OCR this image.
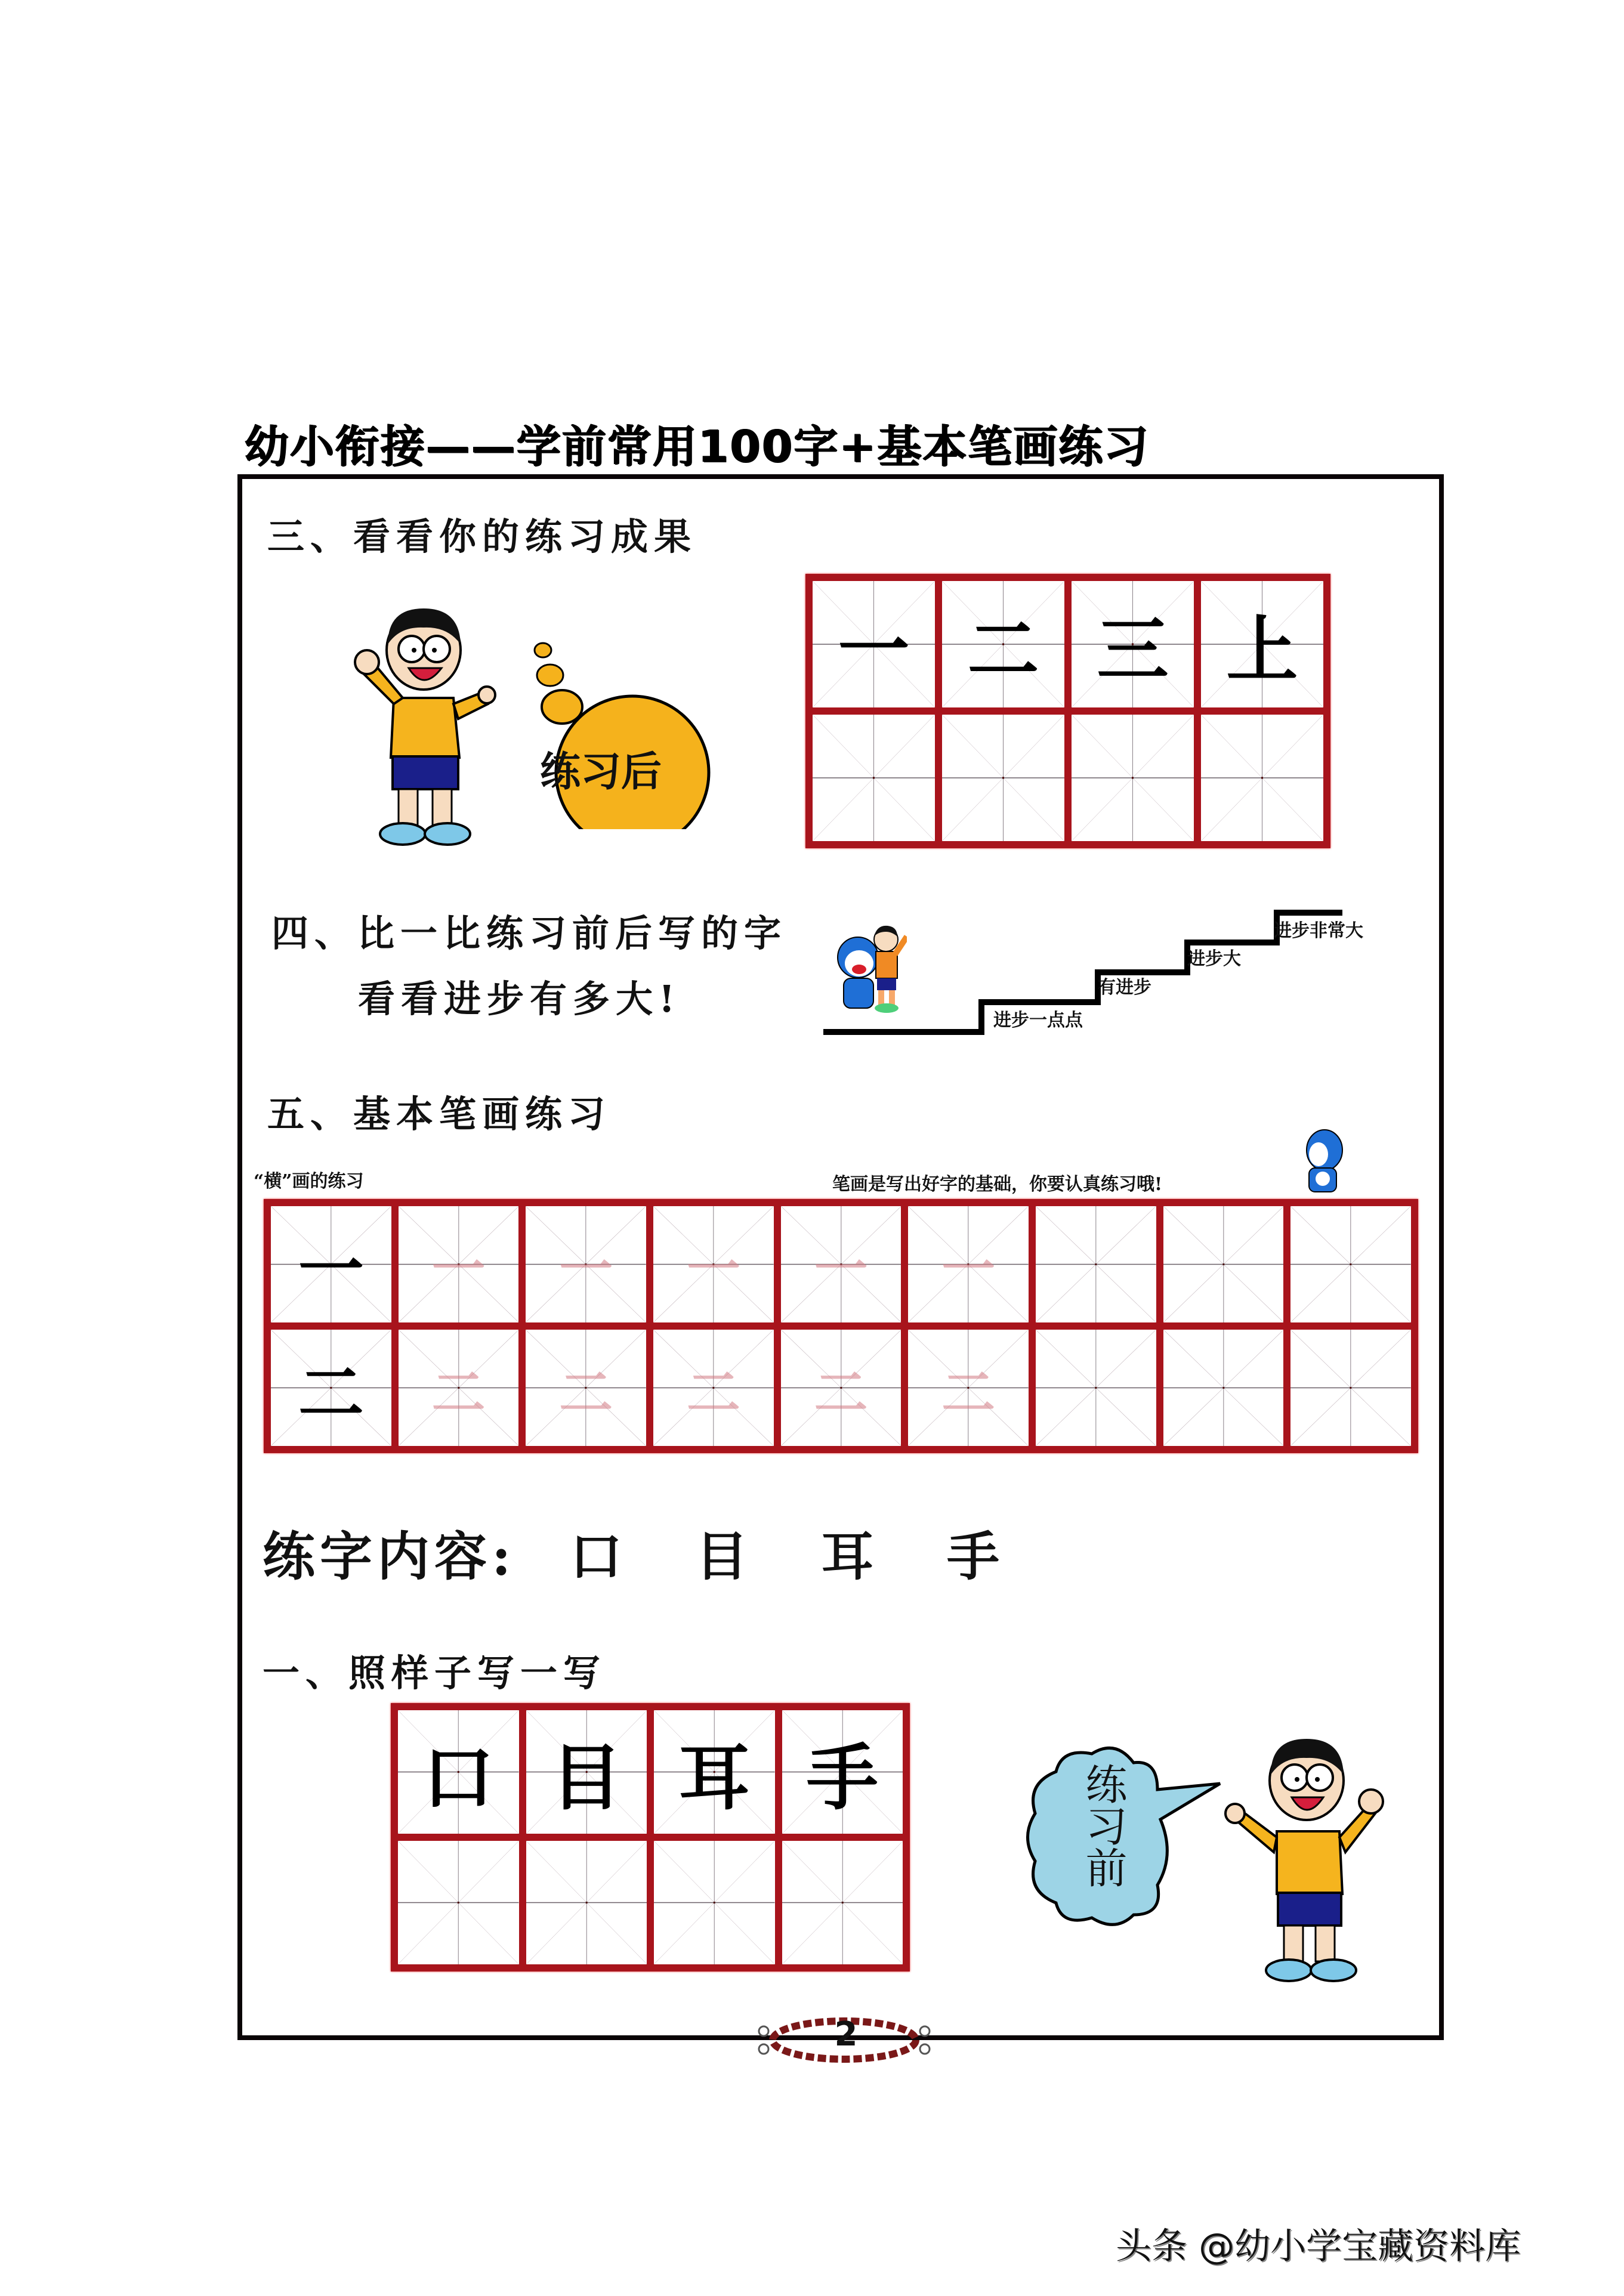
幼小衔接——学前常用100字+基本笔画练习
三、看看你的练习成果
练习后
一 二 三 上
四、比一比练习前后写的字
看看进步有多大!	进步一点点
有进步
进步大
进步非常大
五、基本笔画练习
“横”画的练习	笔画是写出好字的基础，你要认真练习哦!
一	一	一	一	一	一
二	二	二	二	二	二
练字内容: 口 目 耳 手
一、照样子写一写
口 目 耳 手	练习前
2
头条 @幼小学宝藏资料库
